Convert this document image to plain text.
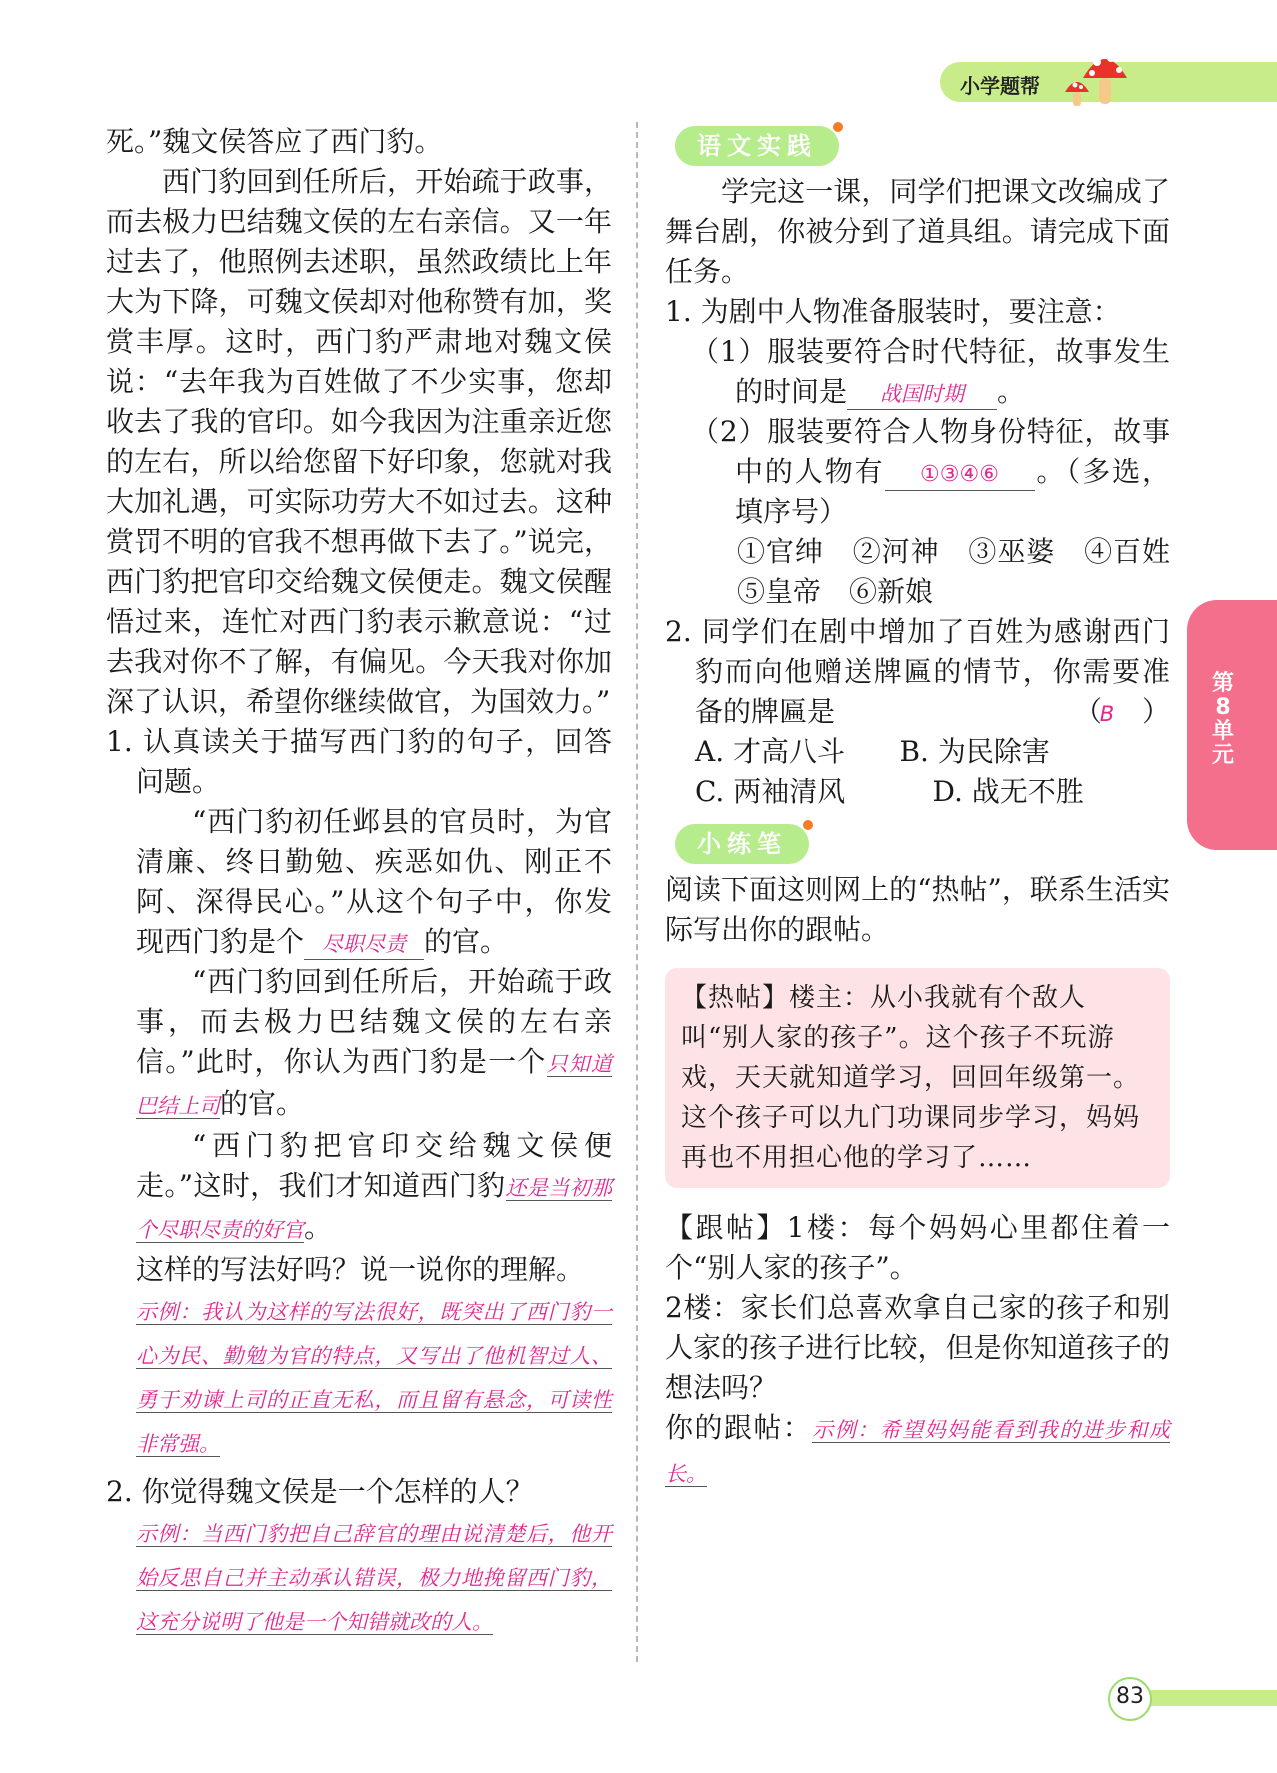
小学题帮
第8单元

死。”魏文侯答应了西门豹。

西门豹回到任所后，开始疏于政事，而去极力巴结魏文侯的左右亲信。又一年过去了，他照例去述职，虽然政绩比上年大为下降，可魏文侯却对他称赞有加，奖赏丰厚。这时，西门豹严肃地对魏文侯说：“去年我为百姓做了不少实事，您却收去了我的官印。如今我因为注重亲近您的左右，所以给您留下好印象，您就对我大加礼遇，可实际功劳大不如过去。这种赏罚不明的官我不想再做下去了。”说完，西门豹把官印交给魏文侯便走。魏文侯醒悟过来，连忙对西门豹表示歉意说：“过去我对你不了解，有偏见。今天我对你加深了认识，希望你继续做官，为国效力。”

1. 认真读关于描写西门豹的句子，回答问题。

“西门豹初任邺县的官员时，为官清廉、终日勤勉、疾恶如仇、刚正不阿、深得民心。”从这个句子中，你发现西门豹是个 尽职尽责 的官。

“西门豹回到任所后，开始疏于政事，而去极力巴结魏文侯的左右亲信。”此时，你认为西门豹是一个只知道巴结上司的官。

“西门豹把官印交给魏文侯便走。”这时，我们才知道西门豹还是当初那个尽职尽责的好官。

这样的写法好吗？说一说你的理解。

示例：我认为这样的写法很好，既突出了西门豹一心为民、勤勉为官的特点，又写出了他机智过人、勇于劝谏上司的正直无私，而且留有悬念，可读性非常强。

2. 你觉得魏文侯是一个怎样的人？

示例：当西门豹把自己辞官的理由说清楚后，他开始反思自己并主动承认错误，极力地挽留西门豹，这充分说明了他是一个知错就改的人。
语文实践

学完这一课，同学们把课文改编成了舞台剧，你被分到了道具组。请完成下面任务。

1. 为剧中人物准备服装时，要注意：

（1）服装要符合时代特征，故事发生的时间是 战国时期 。

（2）服装要符合人物身份特征，故事中的人物有 ①③④⑥ 。（多选，填序号）

①官绅　②河神　③巫婆　④百姓　⑤皇帝　⑥新娘

2. 同学们在剧中增加了百姓为感谢西门豹而向他赠送牌匾的情节，你需要准备的牌匾是	（B ）

A. 才高八斗	B. 为民除害
C. 两袖清风	D. 战无不胜
小练笔

阅读下面这则网上的“热帖”，联系生活实际写出你的跟帖。

【热帖】楼主：从小我就有个敌人叫“别人家的孩子”。这个孩子不玩游戏，天天就知道学习，回回年级第一。这个孩子可以九门功课同步学习，妈妈再也不用担心他的学习了……

【跟帖】1楼：每个妈妈心里都住着一个“别人家的孩子”。

2楼：家长们总喜欢拿自己家的孩子和别人家的孩子进行比较，但是你知道孩子的想法吗？

你的跟帖：示例：希望妈妈能看到我的进步和成长。

83
